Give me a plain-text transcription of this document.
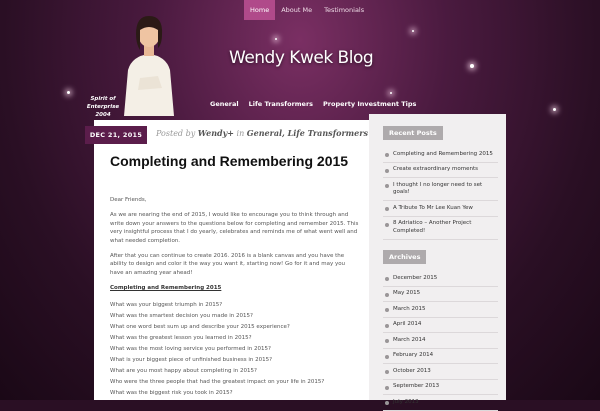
Home	About Me	Testimonials
Wendy Kwek Blog
Spirit of Enterprise
2004
General	Life Transformers	Property Investment Tips
DEC 21, 2015	Posted by Wendy+ in General, Life Transformers
Completing and Remembering 2015

Dear Friends,

As we are nearing the end of 2015, I would like to encourage you to think through and write down your answers to the questions below for completing and remember 2015. This very insightful process that I do yearly, celebrates and reminds me of what went well and what needed completion.

After that you can continue to create 2016. 2016 is a blank canvas and you have the ability to design and color it the way you want it, starting now! Go for it and may you have an amazing year ahead!

Completing and Remembering 2015
What was your biggest triumph in 2015?
What was the smartest decision you made in 2015?
What one word best sum up and describe your 2015 experience?
What was the greatest lesson you learned in 2015?
What was the most loving service you performed in 2015?
What is your biggest piece of unfinished business in 2015?
What are you most happy about completing in 2015?
Who were the three people that had the greatest impact on your life in 2015?
What was the biggest risk you took in 2015?
Recent Posts
Completing and Remembering 2015
Create extraordinary moments
I thought I no longer need to set goals!
A Tribute To Mr Lee Kuan Yew
8 Adriatico – Another Project Completed!
Archives
December 2015
May 2015
March 2015
April 2014
March 2014
February 2014
October 2013
September 2013
July 2013
